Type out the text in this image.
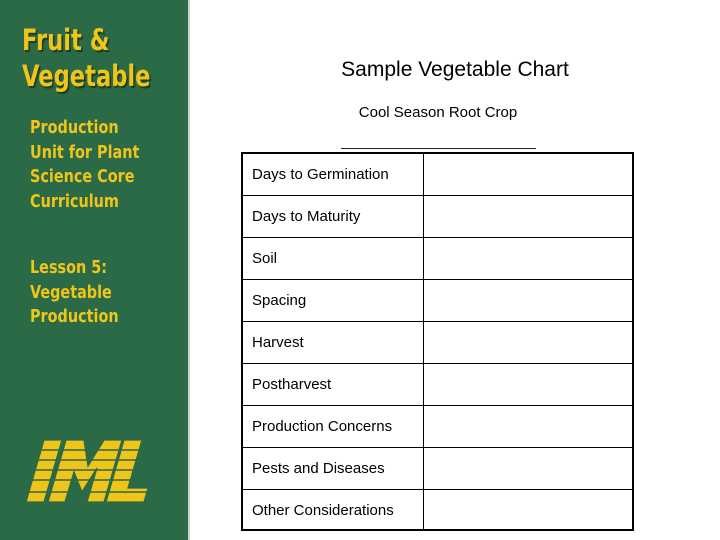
Fruit &
Vegetable
Production
Unit for Plant
Science Core
Curriculum
Lesson 5:
Vegetable
Production
Sample Vegetable Chart
Cool Season Root Crop
Days to Germination
Days to Maturity
Soil
Spacing
Harvest
Postharvest
Production Concerns
Pests and Diseases
Other Considerations
